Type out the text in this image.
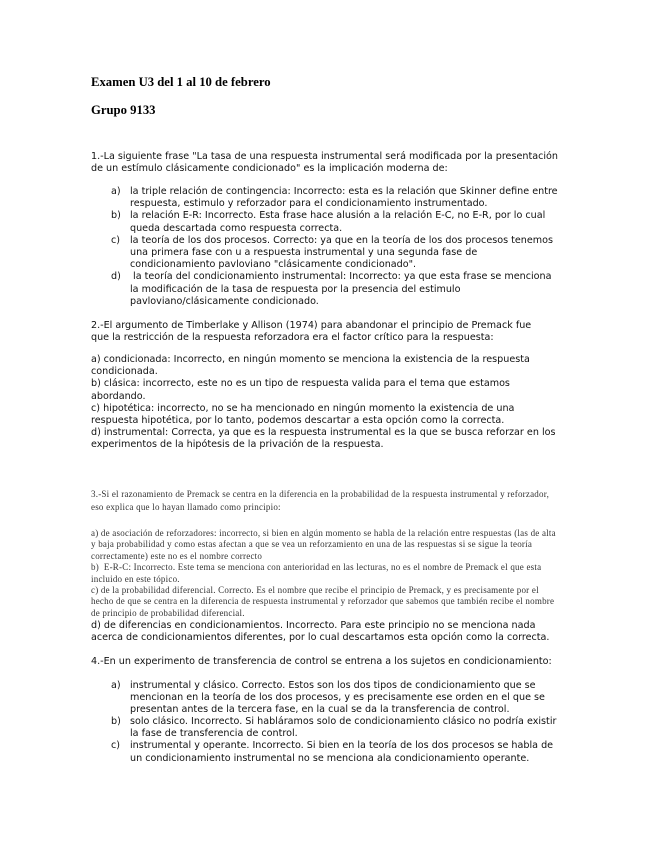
Examen U3 del 1 al 10 de febrero
Grupo 9133
1.-La siguiente frase "La tasa de una respuesta instrumental será modificada por la presentación
de un estímulo clásicamente condicionado" es la implicación moderna de:
a) la triple relación de contingencia: Incorrecto: esta es la relación que Skinner define entre
respuesta, estimulo y reforzador para el condicionamiento instrumentado.
b) la relación E-R: Incorrecto. Esta frase hace alusión a la relación E-C, no E-R, por lo cual
queda descartada como respuesta correcta.
c) la teoría de los dos procesos. Correcto: ya que en la teoría de los dos procesos tenemos
una primera fase con u a respuesta instrumental y una segunda fase de
condicionamiento pavloviano "clásicamente condicionado".
d) la teoría del condicionamiento instrumental: Incorrecto: ya que esta frase se menciona
la modificación de la tasa de respuesta por la presencia del estimulo
pavloviano/clásicamente condicionado.
2.-El argumento de Timberlake y Allison (1974) para abandonar el principio de Premack fue
que la restricción de la respuesta reforzadora era el factor crítico para la respuesta:
a) condicionada: Incorrecto, en ningún momento se menciona la existencia de la respuesta
condicionada.
b) clásica: incorrecto, este no es un tipo de respuesta valida para el tema que estamos
abordando.
c) hipotética: incorrecto, no se ha mencionado en ningún momento la existencia de una
respuesta hipotética, por lo tanto, podemos descartar a esta opción como la correcta.
d) instrumental: Correcta, ya que es la respuesta instrumental es la que se busca reforzar en los
experimentos de la hipótesis de la privación de la respuesta.
3.-Si el razonamiento de Premack se centra en la diferencia en la probabilidad de la respuesta instrumental y reforzador,
eso explica que lo hayan llamado como principio:
a) de asociación de reforzadores: incorrecto, si bien en algún momento se habla de la relación entre respuestas (las de alta
y baja probabilidad y como estas afectan a que se vea un reforzamiento en una de las respuestas si se sigue la teoría
correctamente) este no es el nombre correcto
b)  E-R-C: Incorrecto. Este tema se menciona con anterioridad en las lecturas, no es el nombre de Premack el que esta
incluido en este tópico.
c) de la probabilidad diferencial. Correcto. Es el nombre que recibe el principio de Premack, y es precisamente por el
hecho de que se centra en la diferencia de respuesta instrumental y reforzador que sabemos que también recibe el nombre
de principio de probabilidad diferencial.
d) de diferencias en condicionamientos. Incorrecto. Para este principio no se menciona nada
acerca de condicionamientos diferentes, por lo cual descartamos esta opción como la correcta.
4.-En un experimento de transferencia de control se entrena a los sujetos en condicionamiento:
a) instrumental y clásico. Correcto. Estos son los dos tipos de condicionamiento que se
mencionan en la teoría de los dos procesos, y es precisamente ese orden en el que se
presentan antes de la tercera fase, en la cual se da la transferencia de control.
b) solo clásico. Incorrecto. Si habláramos solo de condicionamiento clásico no podría existir
la fase de transferencia de control.
c) instrumental y operante. Incorrecto. Si bien en la teoría de los dos procesos se habla de
un condicionamiento instrumental no se menciona ala condicionamiento operante.
